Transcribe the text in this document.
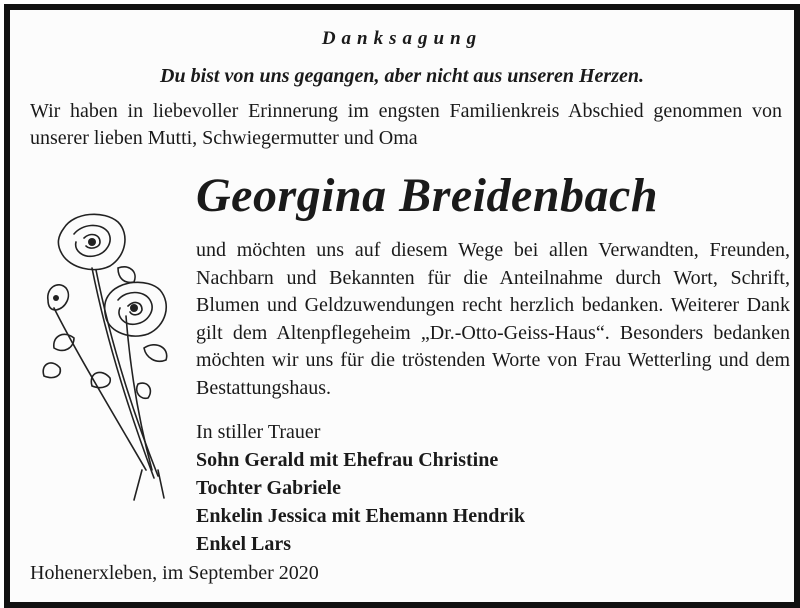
Danksagung
Du bist von uns gegangen, aber nicht aus unseren Herzen.
Wir haben in liebevoller Erinnerung im engsten Familienkreis Abschied genommen von unserer lieben Mutti, Schwiegermutter und Oma
Georgina Breidenbach
und möchten uns auf diesem Wege bei allen Verwandten, Freunden, Nachbarn und Bekannten für die Anteilnahme durch Wort, Schrift, Blumen und Geldzuwendungen recht herzlich bedanken. Weiterer Dank gilt dem Altenpflegeheim „Dr.-Otto-Geiss-Haus“. Besonders bedanken möchten wir uns für die tröstenden Worte von Frau Wetterling und dem Bestattungshaus.
In stiller Trauer
Sohn Gerald mit Ehefrau Christine
Tochter Gabriele
Enkelin Jessica mit Ehemann Hendrik
Enkel Lars
Hohenerxleben, im September 2020
